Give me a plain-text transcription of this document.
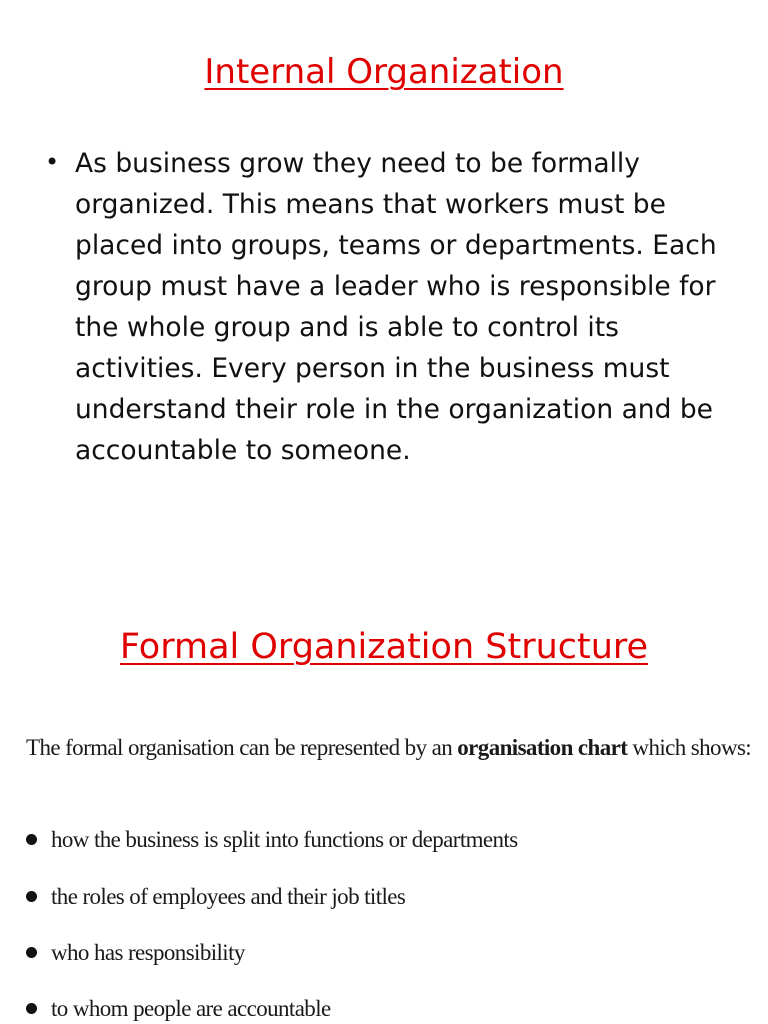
Internal Organization
• As business grow they need to be formally organized. This means that workers must be placed into groups, teams or departments. Each group must have a leader who is responsible for the whole group and is able to control its activities. Every person in the business must understand their role in the organization and be accountable to someone.

Formal Organization Structure

The formal organisation can be represented by an organisation chart which shows:

how the business is split into functions or departments
the roles of employees and their job titles
who has responsibility
to whom people are accountable
